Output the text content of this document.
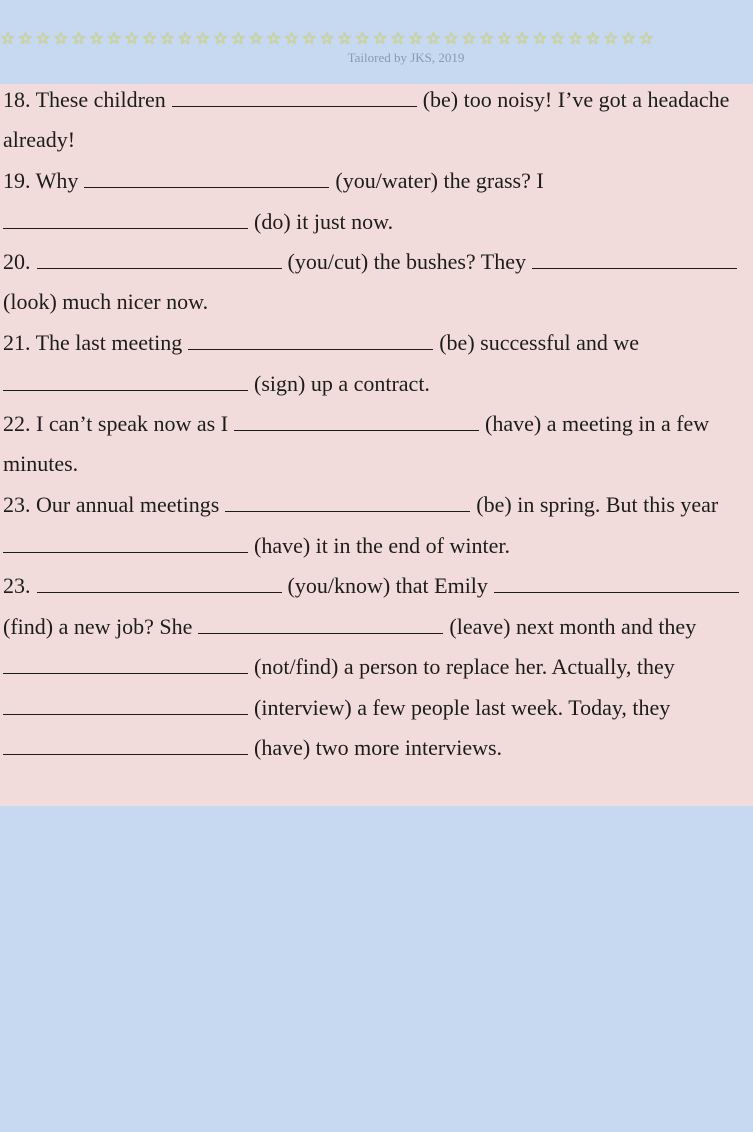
☆☆☆☆☆☆☆☆☆☆☆☆☆☆☆☆☆☆☆☆☆☆☆☆☆☆☆☆☆☆☆☆☆☆☆☆☆
Tailored by JKS, 2019
18. These children	(be) too noisy! I’ve got a headache
already!
19. Why	(you/water) the grass? I
(do) it just now.
20.	(you/cut) the bushes? They
(look) much nicer now.
21. The last meeting	(be) successful and we
(sign) up a contract.
22. I can’t speak now as I	(have) a meeting in a few
minutes.
23. Our annual meetings	(be) in spring. But this year
(have) it in the end of winter.
23.	(you/know) that Emily
(find) a new job? She	(leave) next month and they
(not/find) a person to replace her. Actually, they
(interview) a few people last week. Today, they
(have) two more interviews.
